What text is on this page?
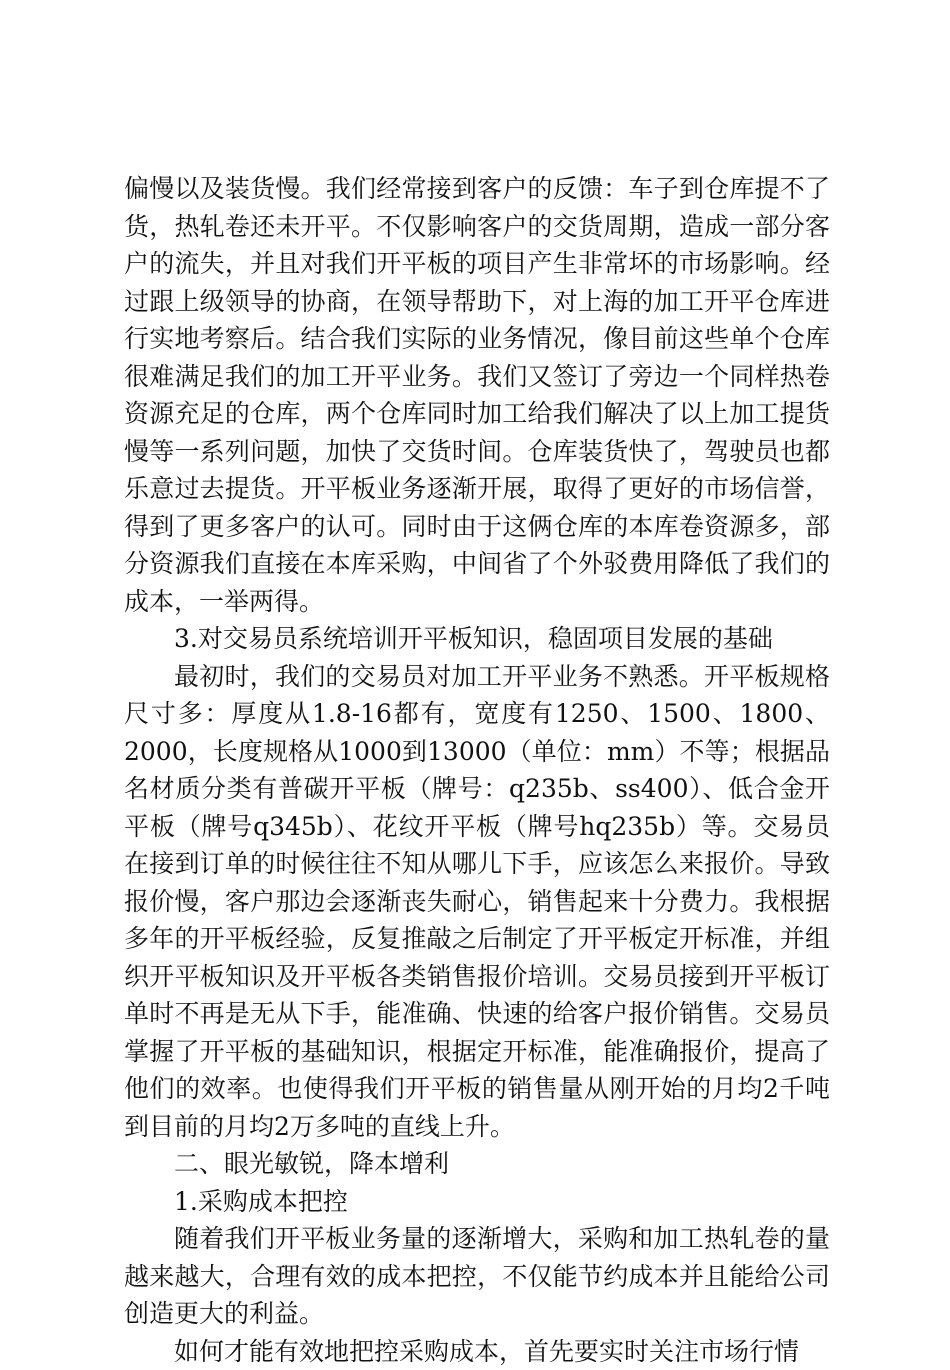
偏慢以及装货慢。我们经常接到客户的反馈：车子到仓库提不了货，热轧卷还未开平。不仅影响客户的交货周期，造成一部分客户的流失，并且对我们开平板的项目产生非常坏的市场影响。经过跟上级领导的协商，在领导帮助下，对上海的加工开平仓库进行实地考察后。结合我们实际的业务情况，像目前这些单个仓库很难满足我们的加工开平业务。我们又签订了旁边一个同样热卷资源充足的仓库，两个仓库同时加工给我们解决了以上加工提货慢等一系列问题，加快了交货时间。仓库装货快了，驾驶员也都乐意过去提货。开平板业务逐渐开展，取得了更好的市场信誉，得到了更多客户的认可。同时由于这俩仓库的本库卷资源多，部分资源我们直接在本库采购，中间省了个外驳费用降低了我们的成本，一举两得。

3.对交易员系统培训开平板知识，稳固项目发展的基础

最初时，我们的交易员对加工开平业务不熟悉。开平板规格尺寸多：厚度从1.8-16都有，宽度有1250、1500、1800、2000，长度规格从1000到13000（单位：mm）不等；根据品名材质分类有普碳开平板（牌号：q235b、ss400）、低合金开平板（牌号q345b）、花纹开平板（牌号hq235b）等。交易员在接到订单的时候往往不知从哪儿下手，应该怎么来报价。导致报价慢，客户那边会逐渐丧失耐心，销售起来十分费力。我根据多年的开平板经验，反复推敲之后制定了开平板定开标准，并组织开平板知识及开平板各类销售报价培训。交易员接到开平板订单时不再是无从下手，能准确、快速的给客户报价销售。交易员掌握了开平板的基础知识，根据定开标准，能准确报价，提高了他们的效率。也使得我们开平板的销售量从刚开始的月均2千吨到目前的月均2万多吨的直线上升。

二、眼光敏锐，降本增利

1.采购成本把控

随着我们开平板业务量的逐渐增大，采购和加工热轧卷的量越来越大，合理有效的成本把控，不仅能节约成本并且能给公司创造更大的利益。

如何才能有效地把控采购成本，首先要实时关注市场行情
